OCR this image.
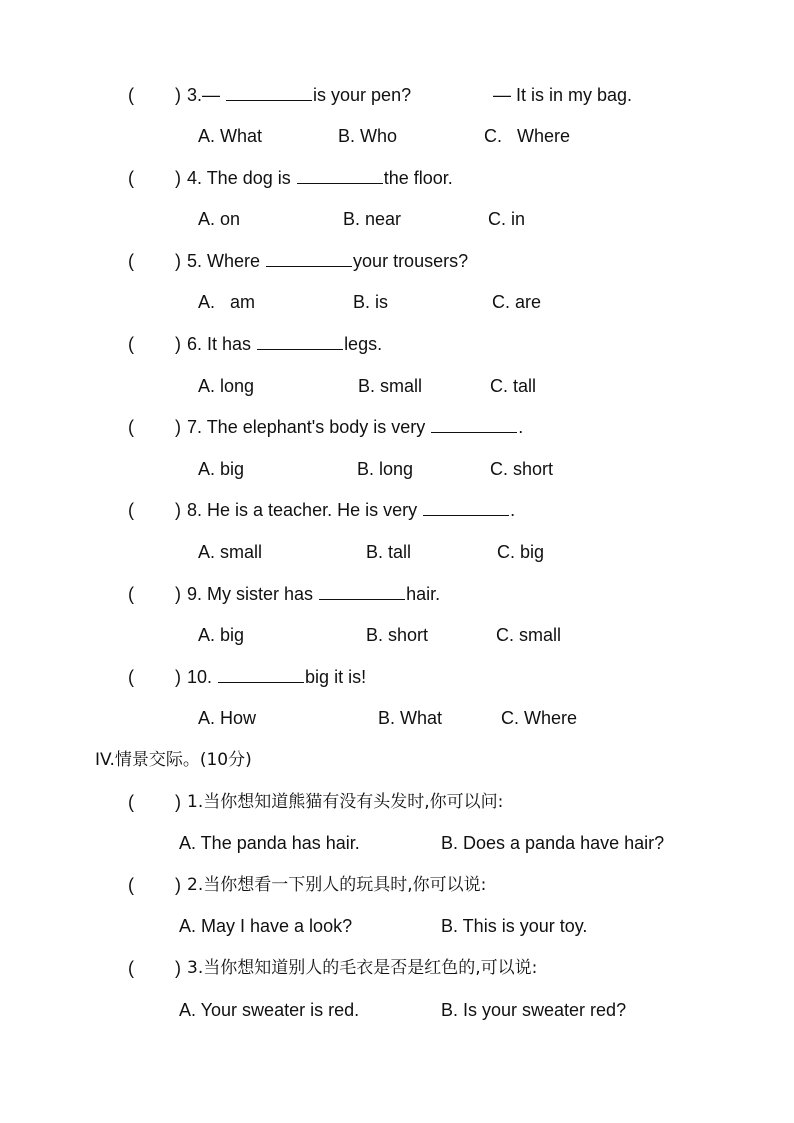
( ) 3.—	is your pen?	— It is in my bag.
A. What	B. Who	C.   Where
( ) 4. The dog is	the floor.
A. on	B. near	C. in
( ) 5. Where	your trousers?
A.   am	B. is	C. are
( ) 6. It has	legs.
A. long	B. small	C. tall
( ) 7. The elephant's body is very	.
A. big	B. long	C. short
( ) 8. He is a teacher. He is very	.
A. small	B. tall	C. big
( ) 9. My sister has	hair.
A. big	B. short	C. small
( ) 10.	big it is!
A. How	B. What	C. Where
IV.情景交际。(10分)
( ) 1.当你想知道熊猫有没有头发时,你可以问:
A. The panda has hair.	B. Does a panda have hair?
( ) 2.当你想看一下别人的玩具时,你可以说:
A. May I have a look?	B. This is your toy.
( ) 3.当你想知道别人的毛衣是否是红色的,可以说:
A. Your sweater is red.	B. Is your sweater red?
